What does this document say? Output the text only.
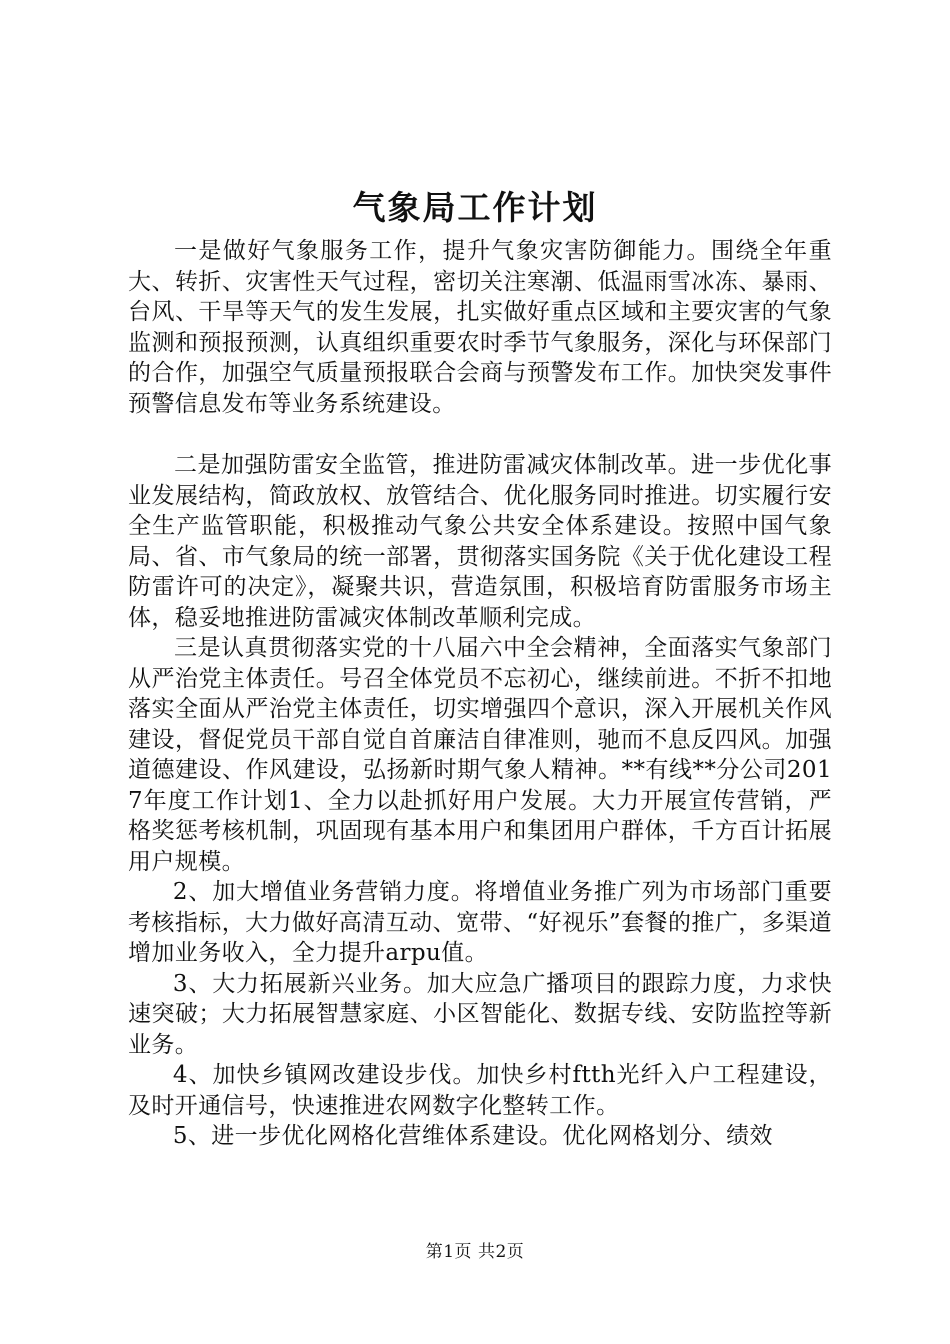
气象局工作计划

一是做好气象服务工作，提升气象灾害防御能力。围绕全年重大、转折、灾害性天气过程，密切关注寒潮、低温雨雪冰冻、暴雨、台风、干旱等天气的发生发展，扎实做好重点区域和主要灾害的气象监测和预报预测，认真组织重要农时季节气象服务，深化与环保部门的合作，加强空气质量预报联合会商与预警发布工作。加快突发事件预警信息发布等业务系统建设。

二是加强防雷安全监管，推进防雷减灾体制改革。进一步优化事业发展结构，简政放权、放管结合、优化服务同时推进。切实履行安全生产监管职能，积极推动气象公共安全体系建设。按照中国气象局、省、市气象局的统一部署，贯彻落实国务院《关于优化建设工程防雷许可的决定》，凝聚共识，营造氛围，积极培育防雷服务市场主体，稳妥地推进防雷减灾体制改革顺利完成。

三是认真贯彻落实党的十八届六中全会精神，全面落实气象部门从严治党主体责任。号召全体党员不忘初心，继续前进。不折不扣地落实全面从严治党主体责任，切实增强四个意识，深入开展机关作风建设，督促党员干部自觉自首廉洁自律准则，驰而不息反四风。加强道德建设、作风建设，弘扬新时期气象人精神。**有线**分公司2017年度工作计划1、全力以赴抓好用户发展。大力开展宣传营销，严格奖惩考核机制，巩固现有基本用户和集团用户群体，千方百计拓展用户规模。

2、加大增值业务营销力度。将增值业务推广列为市场部门重要考核指标，大力做好高清互动、宽带、“好视乐”套餐的推广，多渠道增加业务收入，全力提升arpu值。

3、大力拓展新兴业务。加大应急广播项目的跟踪力度，力求快速突破；大力拓展智慧家庭、小区智能化、数据专线、安防监控等新业务。

4、加快乡镇网改建设步伐。加快乡村ftth光纤入户工程建设，及时开通信号，快速推进农网数字化整转工作。

5、进一步优化网格化营维体系建设。优化网格划分、绩效

第1页 共2页
